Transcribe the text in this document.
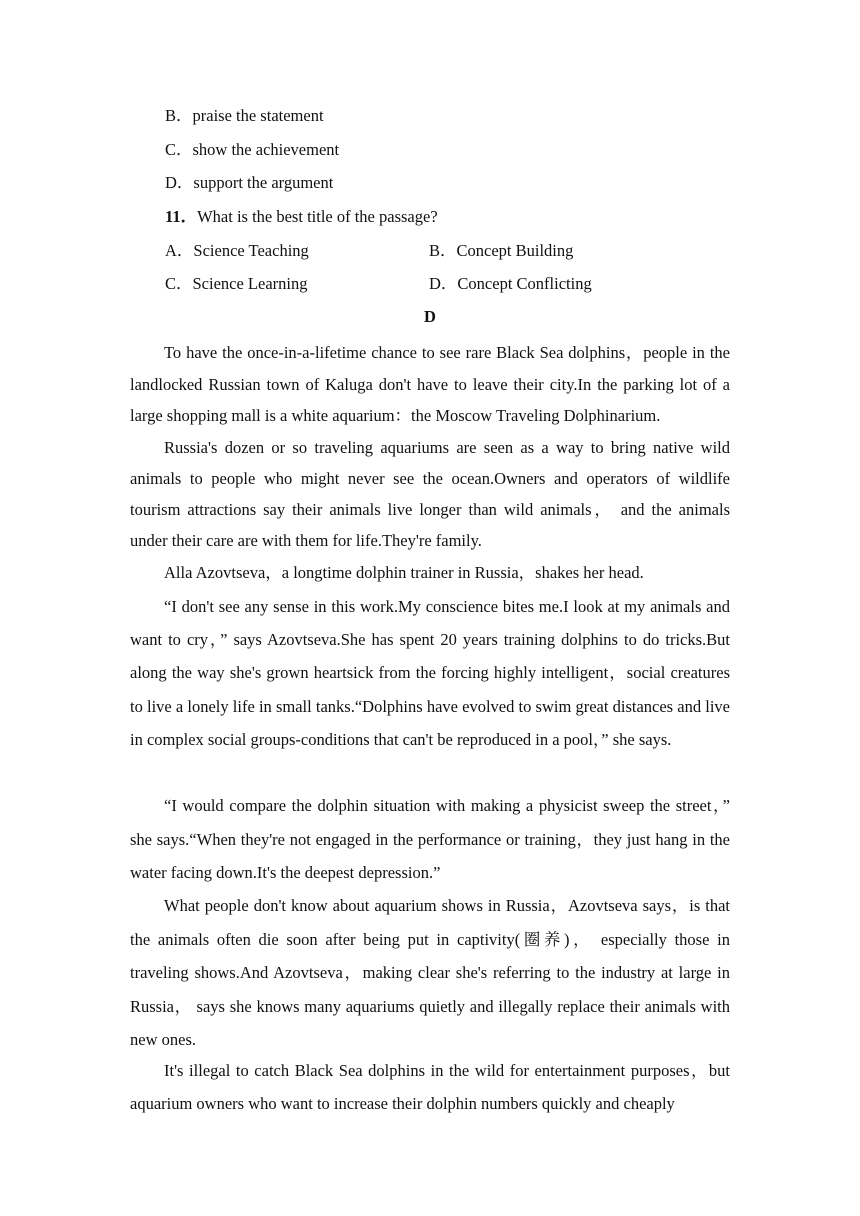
B．praise the statement
C．show the achievement
D．support the argument
11．What is the best title of the passage?
A．Science Teaching	B．Concept Building
C．Science Learning	D．Concept Conflicting
D

To have the once-in-a-lifetime chance to see rare Black Sea dolphins，people in the landlocked Russian town of Kaluga don't have to leave their city.In the parking lot of a large shopping mall is a white aquarium：the Moscow Traveling Dolphinarium.

Russia's dozen or so traveling aquariums are seen as a way to bring native wild animals to people who might never see the ocean.Owners and operators of wildlife tourism attractions say their animals live longer than wild animals， and the animals under their care are with them for life.They're family.

Alla Azovtseva，a longtime dolphin trainer in Russia，shakes her head.

“I don't see any sense in this work.My conscience bites me.I look at my animals and want to cry，” says Azovtseva.She has spent 20 years training dolphins to do tricks.But along the way she's grown heartsick from the forcing highly intelligent，social creatures to live a lonely life in small tanks.“Dolphins have evolved to swim great distances and live in complex social groups-conditions that can't be reproduced in a pool，” she says.

“I would compare the dolphin situation with making a physicist sweep the street，” she says.“When they're not engaged in the performance or training，they just hang in the water facing down.It's the deepest depression.”

What people don't know about aquarium shows in Russia，Azovtseva says，is that the animals often die soon after being put in captivity(圈养)， especially those in traveling shows.And Azovtseva，making clear she's referring to the industry at large in Russia， says she knows many aquariums quietly and illegally replace their animals with new ones.

It's illegal to catch Black Sea dolphins in the wild for entertainment purposes，but aquarium owners who want to increase their dolphin numbers quickly and cheaply
